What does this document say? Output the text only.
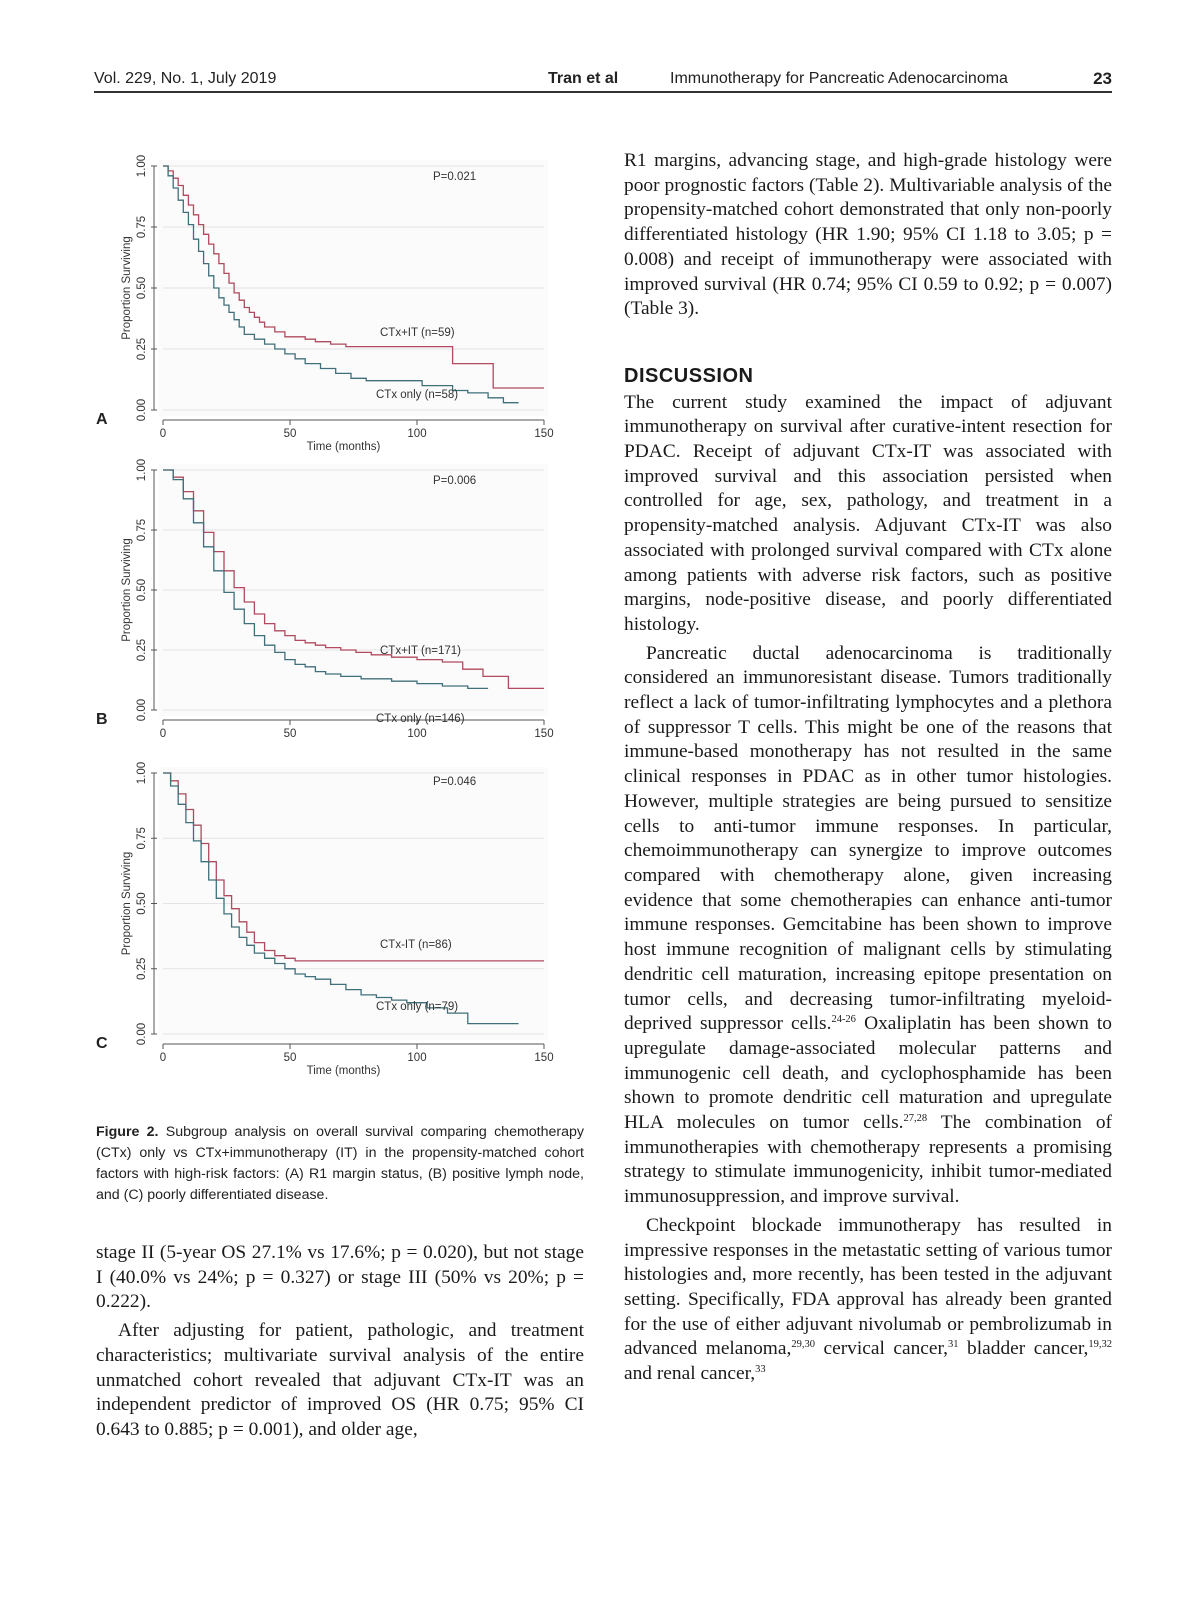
Vol. 229, No. 1, July 2019	Tran et al	Immunotherapy for Pancreatic Adenocarcinoma	23
0.00
0.25
0.50
0.75
1.00
0	50	100	150
Time (months)
Proportion Surviving
A
P=0.021
CTx+IT (n=59)
CTx only (n=58)
0.00
0.25
0.50
0.75
1.00
0	50	100	150
Proportion Surviving
B
P=0.006
CTx+IT (n=171)
CTx only (n=146)
0.00
0.25
0.50
0.75
1.00
0	50	100	150
Time (months)
Proportion Surviving
C
P=0.046
CTx-IT (n=86)
CTx only (n=79)
Figure 2. Subgroup analysis on overall survival comparing chemotherapy (CTx) only vs CTx+immunotherapy (IT) in the propensity-matched cohort factors with high-risk factors: (A) R1 margin status, (B) positive lymph node, and (C) poorly differentiated disease.

stage II (5-year OS 27.1% vs 17.6%; p = 0.020), but not stage I (40.0% vs 24%; p = 0.327) or stage III (50% vs 20%; p = 0.222).

After adjusting for patient, pathologic, and treatment characteristics; multivariate survival analysis of the entire unmatched cohort revealed that adjuvant CTx-IT was an independent predictor of improved OS (HR 0.75; 95% CI 0.643 to 0.885; p = 0.001), and older age,

R1 margins, advancing stage, and high-grade histology were poor prognostic factors (Table 2). Multivariable analysis of the propensity-matched cohort demonstrated that only non-poorly differentiated histology (HR 1.90; 95% CI 1.18 to 3.05; p = 0.008) and receipt of immunotherapy were associated with improved survival (HR 0.74; 95% CI 0.59 to 0.92; p = 0.007) (Table 3).

DISCUSSION

The current study examined the impact of adjuvant immunotherapy on survival after curative-intent resection for PDAC. Receipt of adjuvant CTx-IT was associated with improved survival and this association persisted when controlled for age, sex, pathology, and treatment in a propensity-matched analysis. Adjuvant CTx-IT was also associated with prolonged survival compared with CTx alone among patients with adverse risk factors, such as positive margins, node-positive disease, and poorly differentiated histology.

Pancreatic ductal adenocarcinoma is traditionally considered an immunoresistant disease. Tumors traditionally reflect a lack of tumor-infiltrating lymphocytes and a plethora of suppressor T cells. This might be one of the reasons that immune-based monotherapy has not resulted in the same clinical responses in PDAC as in other tumor histologies. However, multiple strategies are being pursued to sensitize cells to anti-tumor immune responses. In particular, chemoimmunotherapy can synergize to improve outcomes compared with chemotherapy alone, given increasing evidence that some chemotherapies can enhance anti-tumor immune responses. Gemcitabine has been shown to improve host immune recognition of malignant cells by stimulating dendritic cell maturation, increasing epitope presentation on tumor cells, and decreasing tumor-infiltrating myeloid-deprived suppressor cells.$^{24-26}$ Oxaliplatin has been shown to upregulate damage-associated molecular patterns and immunogenic cell death, and cyclophosphamide has been shown to promote dendritic cell maturation and upregulate HLA molecules on tumor cells.$^{27,28}$ The combination of immunotherapies with chemotherapy represents a promising strategy to stimulate immunogenicity, inhibit tumor-mediated immunosuppression, and improve survival.

Checkpoint blockade immunotherapy has resulted in impressive responses in the metastatic setting of various tumor histologies and, more recently, has been tested in the adjuvant setting. Specifically, FDA approval has already been granted for the use of either adjuvant nivolumab or pembrolizumab in advanced melanoma,$^{29,30}$ cervical cancer,$^{31}$ bladder cancer,$^{19,32}$ and renal cancer,$^{33}$
